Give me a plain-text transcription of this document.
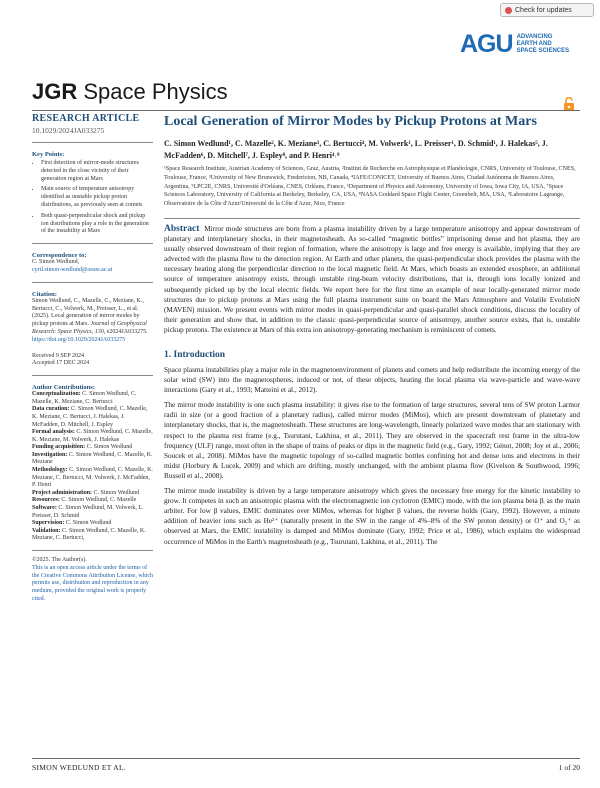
Check for updates
AGU ADVANCING
EARTH AND
SPACE SCIENCES
JGR Space Physics
RESEARCH ARTICLE
10.1029/2024JA033275
Key Points:
• First detection of mirror-mode structures detected in the close vicinity of their generation region at Mars
• Main source of temperature anisotropy identified as unstable pickup proton distributions, as previously seen at comets
• Both quasi-perpendicular shock and pickup ion distributions play a role in the generation of the instability at Mars
Correspondence to:
C. Simon Wedlund,
cyril.simon-wedlund@oeaw.ac.at
Citation:
Simon Wedlund, C., Mazelle, C., Meziane, K., Bertucci, C., Volwerk, M., Preisser, L., et al. (2025). Local generation of mirror modes by pickup protons at Mars. Journal of Geophysical Research: Space Physics, 130, e2024JA033275. https://doi.org/10.1029/2024JA033275
Received 9 SEP 2024
Accepted 17 DEC 2024
Author Contributions:
Conceptualization: C. Simon Wedlund, C. Mazelle, K. Meziane, C. Bertucci
Data curation: C. Simon Wedlund, C. Mazelle, K. Meziane, C. Bertucci, J. Halekas, J. McFadden, D. Mitchell, J. Espley
Formal analysis: C. Simon Wedlund, C. Mazelle, K. Meziane, M. Volwerk, J. Halekas
Funding acquisition: C. Simon Wedlund
Investigation: C. Simon Wedlund, C. Mazelle, K. Meziane
Methodology: C. Simon Wedlund, C. Mazelle, K. Meziane, C. Bertucci, M. Volwerk, J. McFadden, P. Henri
Project administration: C. Simon Wedlund
Resources: C. Simon Wedlund, C. Mazelle
Software: C. Simon Wedlund, M. Volwerk, L. Preisser, D. Schmid
Supervision: C. Simon Wedlund
Validation: C. Simon Wedlund, C. Mazelle, K. Meziane, C. Bertucci,
©2025. The Author(s).
This is an open access article under the terms of the Creative Commons Attribution License, which permits use, distribution and reproduction in any medium, provided the original work is properly cited.
Local Generation of Mirror Modes by Pickup Protons at Mars
C. Simon Wedlund¹, C. Mazelle², K. Meziane³, C. Bertucci⁴, M. Volwerk¹, L. Preisser¹, D. Schmid¹, J. Halekas⁵, J. McFadden⁶, D. Mitchell⁷, J. Espley⁸, and P. Henri⁴˒⁹
¹Space Research Institute, Austrian Academy of Sciences, Graz, Austria, ²Institut de Recherche en Astrophysique et Planétologie, CNRS, University of Toulouse, CNES, Toulouse, France, ³University of New Brunswick, Fredericton, NB, Canada, ⁴IAFE/CONICET, University of Buenos Aires, Ciudad Autónoma de Buenos Aires, Argentina, ⁵LPC2E, CNRS, Université d'Orléans, CNES, Orléans, France, ⁶Department of Physics and Astronomy, University of Iowa, Iowa City, IA, USA, ⁷Space Sciences Laboratory, University of California at Berkeley, Berkeley, CA, USA, ⁸NASA Goddard Space Flight Center, Greenbelt, MA, USA, ⁹Laboratoire Lagrange, Observatoire de la Côte d'Azur/Université de la Côte d'Azur, Nice, France
Abstract Mirror mode structures are born from a plasma instability driven by a large temperature anisotropy and appear downstream of planetary and interplanetary shocks, in their magnetosheath. As so-called “magnetic bottles” imprisoning dense and hot plasma, they are usually observed downstream of their region of formation, where the anisotropy is large and free energy is available, implying that they are advected with the plasma flow to the detection region. At Earth and other planets, the quasi-perpendicular shock provides the plasma with the necessary heating along the perpendicular direction to the local magnetic field. At Mars, which boasts an extended exosphere, an additional source of temperature anisotropy exists, through unstable ring-beam velocity distributions, that is, through ions locally ionized and subsequently picked up by the local electric fields. We report here for the first time an example of near locally-generated mirror mode structures due to pickup protons at Mars using the full plasma instrument suite on board the Mars Atmosphere and Volatile EvolutioN (MAVEN) mission. We present events with mirror modes in quasi-perpendicular and quasi-parallel shock conditions, discuss the locality of their generation and show that, in addition to the classic quasi-perpendicular source of anisotropy, another source exists, that is, unstable pickup protons. The existence at Mars of this extra ion anisotropy-generating mechanism is reminiscent of comets.
1. Introduction
Space plasma instabilities play a major role in the magnetoenvironment of planets and comets and help redistribute the incoming energy of the solar wind (SW) into the magnetospheres, induced or not, of these objects, heating the local plasma via wave-particle and wave-wave interactions (Gary et al., 1993; Matteini et al., 2012).
The mirror mode instability is one such plasma instability: it gives rise to the formation of large structures, several tens of SW proton Larmor radii in size (or a good fraction of a planetary radius), called mirror modes (MiMos), which are present downstream of planetary and interplanetary shocks, that is, the magnetosheath. These structures are long-wavelength, linearly polarized wave modes that are stationary with respect to the plasma rest frame (e.g., Tsurutani, Lakhina, et al., 2011). They are observed in the spacecraft rest frame in the ultra-low frequency (ULF) range, most often in the shape of trains of peaks or dips in the magnetic field (e.g., Gary, 1992; Génot, 2008; Joy et al., 2006; Soucek et al., 2008). MiMos have the magnetic topology of so-called magnetic bottles confining hot and dense ions and electrons in their midst (Horbury & Lucek, 2009) and which are drifting, mostly unchanged, with the ambient plasma flow (Kivelson & Southwood, 1996; Russell et al., 2008).
The mirror mode instability is driven by a large temperature anisotropy which gives the necessary free energy for the kinetic instability to grow. It competes in such an anisotropic plasma with the electromagnetic ion cyclotron (EMIC) mode, with the ion plasma beta βᵢ as the main arbiter. For low β values, EMIC dominates over MiMos, whereas for higher β values, the reverse holds (Gary, 1992). However, a minute addition of heavier ions such as He²⁺ (naturally present in the SW in the range of 4%–8% of the SW proton density) or O⁺ and O₂⁺ as observed at Mars, the EMIC instability is damped and MiMos dominate (Gary, 1992; Price et al., 1986), which explains the widespread occurrence of MiMos in the Earth's magnetosheath (e.g., Tsurutani, Lakhina, et al., 2011). The
SIMON WEDLUND ET AL.	1 of 20
